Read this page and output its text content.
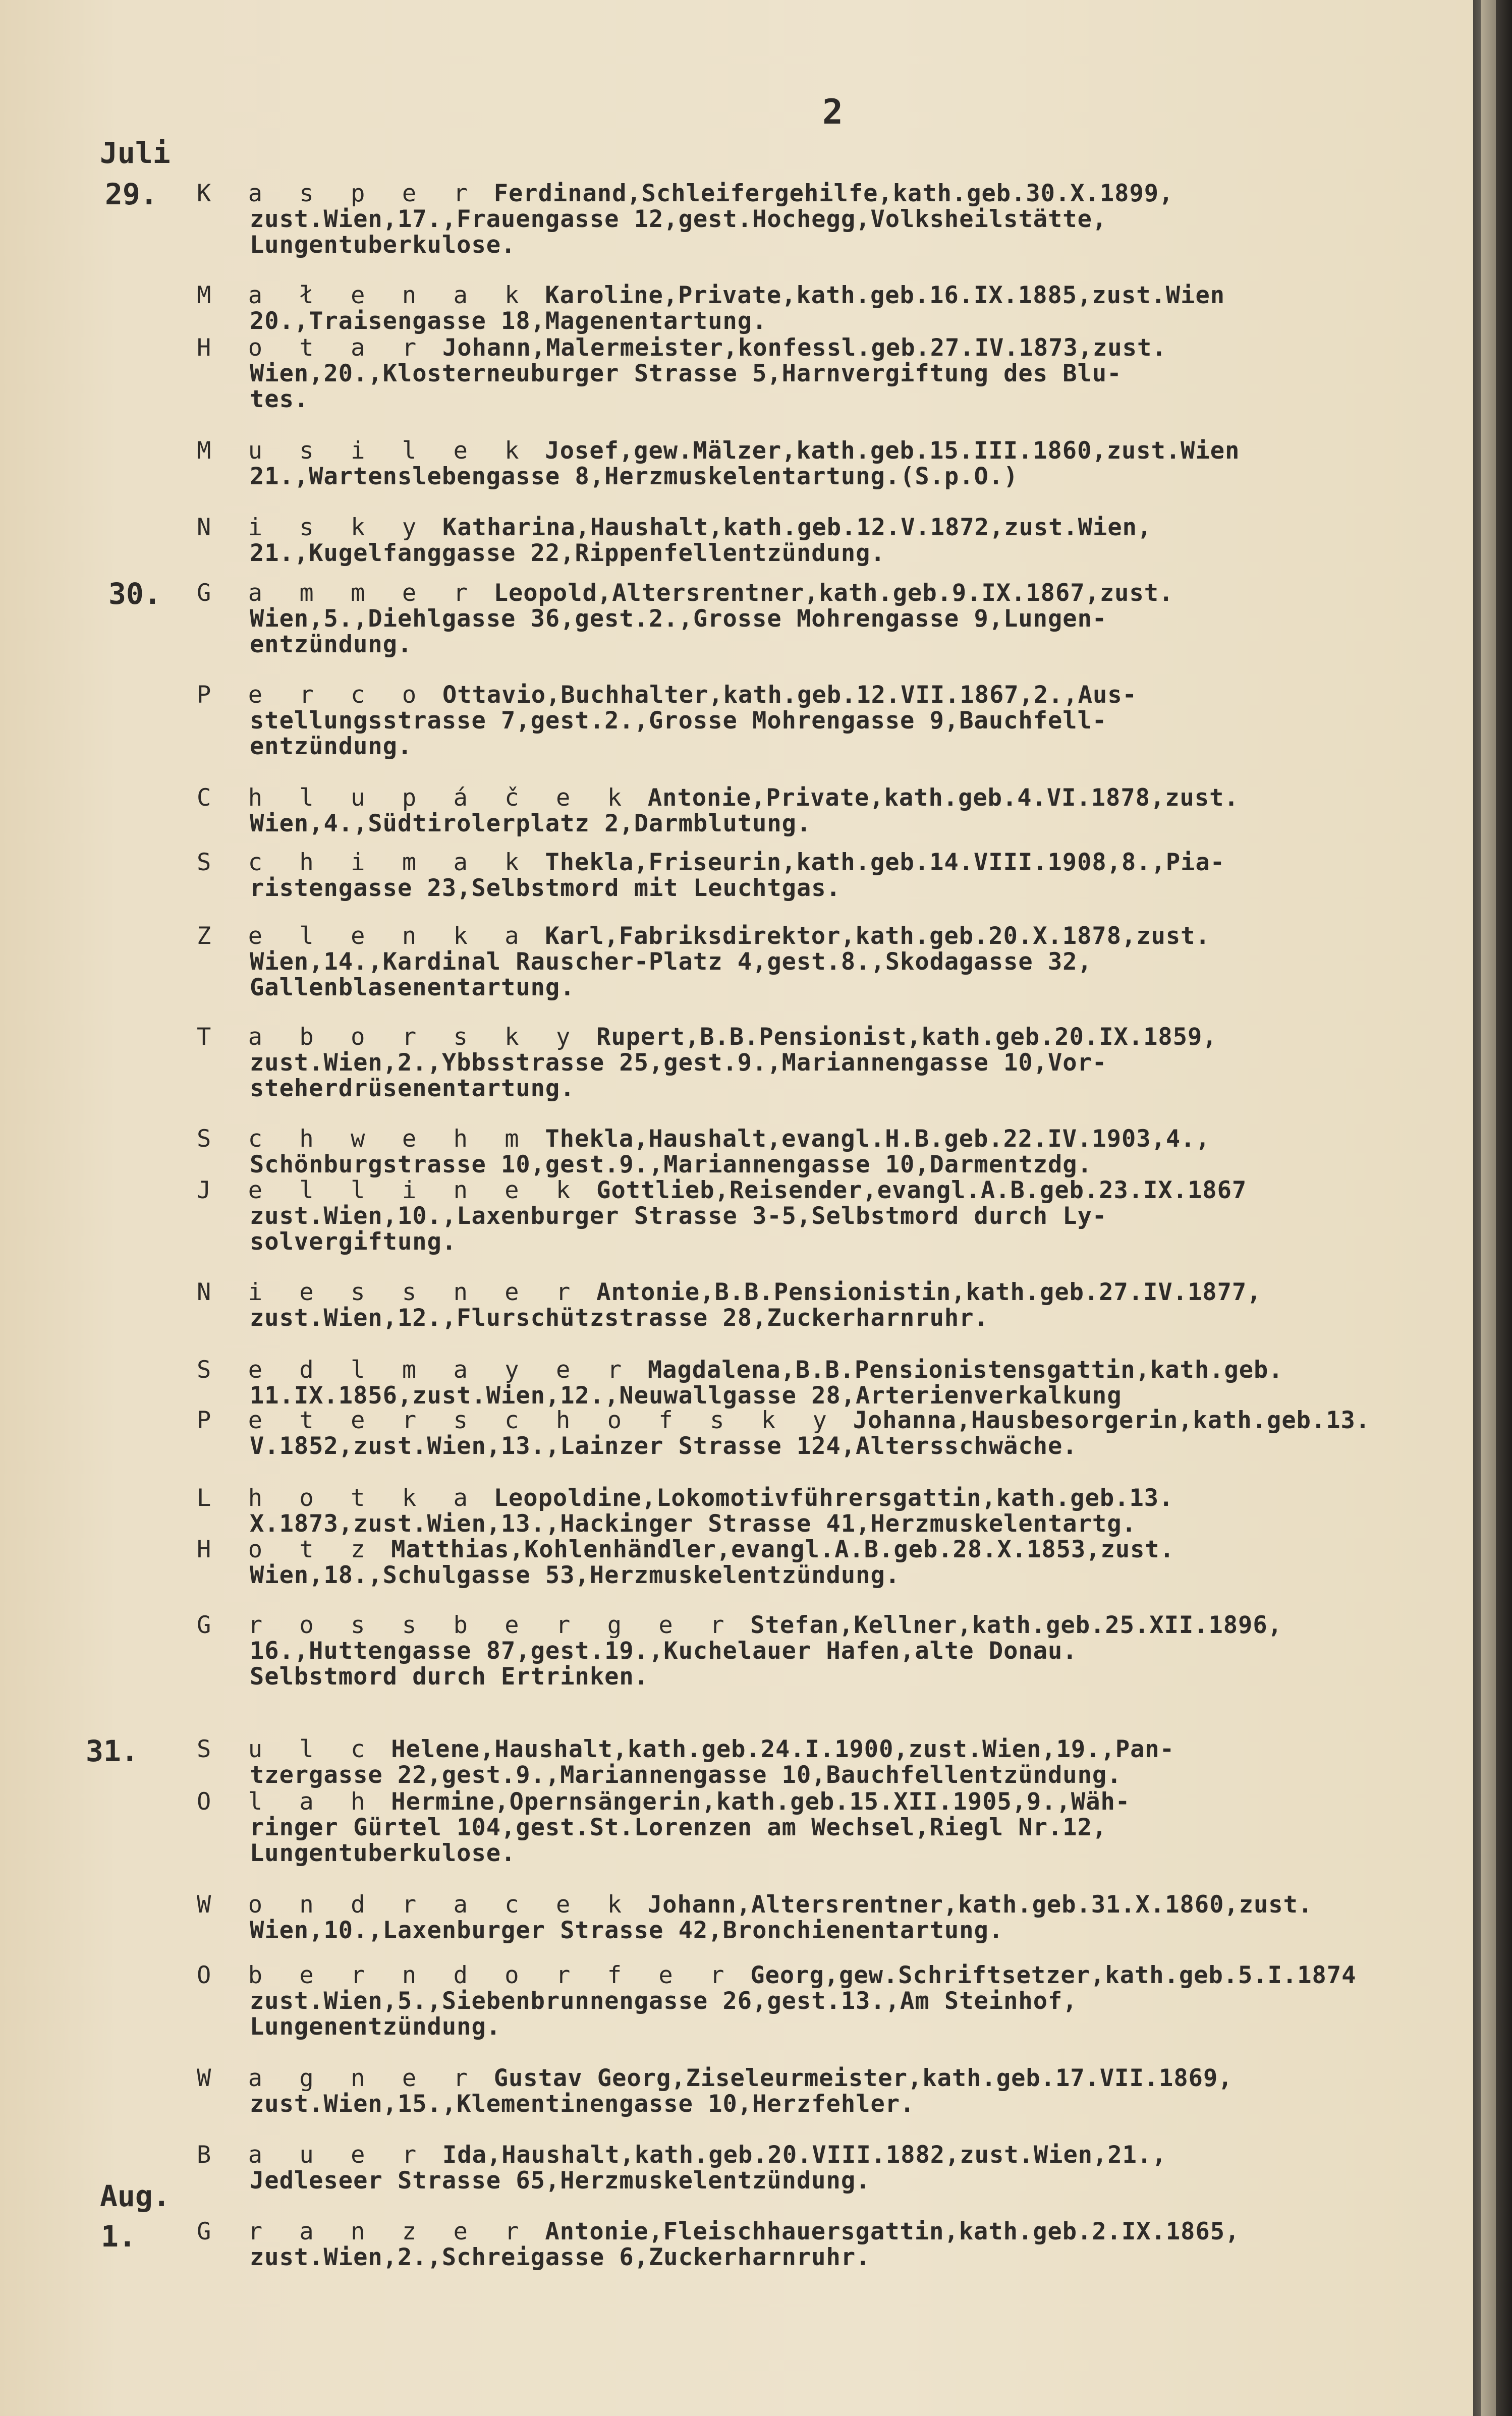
2
Juli
Aug.
29.
30.
31.
1.
K a s p e r Ferdinand,Schleifergehilfe,kath.geb.30.X.1899,
zust.Wien,17.,Frauengasse 12,gest.Hochegg,Volksheilstätte,
Lungentuberkulose.
M a ł e n a k Karoline,Private,kath.geb.16.IX.1885,zust.Wien
20.,Traisengasse 18,Magenentartung.
H o t a r Johann,Malermeister,konfessl.geb.27.IV.1873,zust.
Wien,20.,Klosterneuburger Strasse 5,Harnvergiftung des Blu-
tes.
M u s i l e k Josef,gew.Mälzer,kath.geb.15.III.1860,zust.Wien
21.,Wartenslebengasse 8,Herzmuskelentartung.(S.p.O.)
N i s k y Katharina,Haushalt,kath.geb.12.V.1872,zust.Wien,
21.,Kugelfanggasse 22,Rippenfellentzündung.
G a m m e r Leopold,Altersrentner,kath.geb.9.IX.1867,zust.
Wien,5.,Diehlgasse 36,gest.2.,Grosse Mohrengasse 9,Lungen-
entzündung.
P e r c o Ottavio,Buchhalter,kath.geb.12.VII.1867,2.,Aus-
stellungsstrasse 7,gest.2.,Grosse Mohrengasse 9,Bauchfell-
entzündung.
C h l u p á č e k Antonie,Private,kath.geb.4.VI.1878,zust.
Wien,4.,Südtirolerplatz 2,Darmblutung.
S c h i m a k Thekla,Friseurin,kath.geb.14.VIII.1908,8.,Pia-
ristengasse 23,Selbstmord mit Leuchtgas.
Z e l e n k a Karl,Fabriksdirektor,kath.geb.20.X.1878,zust.
Wien,14.,Kardinal Rauscher-Platz 4,gest.8.,Skodagasse 32,
Gallenblasenentartung.
T a b o r s k y Rupert,B.B.Pensionist,kath.geb.20.IX.1859,
zust.Wien,2.,Ybbsstrasse 25,gest.9.,Mariannengasse 10,Vor-
steherdrüsenentartung.
S c h w e h m Thekla,Haushalt,evangl.H.B.geb.22.IV.1903,4.,
Schönburgstrasse 10,gest.9.,Mariannengasse 10,Darmentzdg.
J e l l i n e k Gottlieb,Reisender,evangl.A.B.geb.23.IX.1867
zust.Wien,10.,Laxenburger Strasse 3-5,Selbstmord durch Ly-
solvergiftung.
N i e s s n e r Antonie,B.B.Pensionistin,kath.geb.27.IV.1877,
zust.Wien,12.,Flurschützstrasse 28,Zuckerharnruhr.
S e d l m a y e r Magdalena,B.B.Pensionistensgattin,kath.geb.
11.IX.1856,zust.Wien,12.,Neuwallgasse 28,Arterienverkalkung
P e t e r s c h o f s k y Johanna,Hausbesorgerin,kath.geb.13.
V.1852,zust.Wien,13.,Lainzer Strasse 124,Altersschwäche.
L h o t k a Leopoldine,Lokomotivführersgattin,kath.geb.13.
X.1873,zust.Wien,13.,Hackinger Strasse 41,Herzmuskelentartg.
H o t z Matthias,Kohlenhändler,evangl.A.B.geb.28.X.1853,zust.
Wien,18.,Schulgasse 53,Herzmuskelentzündung.
G r o s s b e r g e r Stefan,Kellner,kath.geb.25.XII.1896,
16.,Huttengasse 87,gest.19.,Kuchelauer Hafen,alte Donau.
Selbstmord durch Ertrinken.
S u l c Helene,Haushalt,kath.geb.24.I.1900,zust.Wien,19.,Pan-
tzergasse 22,gest.9.,Mariannengasse 10,Bauchfellentzündung.
O l a h Hermine,Opernsängerin,kath.geb.15.XII.1905,9.,Wäh-
ringer Gürtel 104,gest.St.Lorenzen am Wechsel,Riegl Nr.12,
Lungentuberkulose.
W o n d r a c e k Johann,Altersrentner,kath.geb.31.X.1860,zust.
Wien,10.,Laxenburger Strasse 42,Bronchienentartung.
O b e r n d o r f e r Georg,gew.Schriftsetzer,kath.geb.5.I.1874
zust.Wien,5.,Siebenbrunnengasse 26,gest.13.,Am Steinhof,
Lungenentzündung.
W a g n e r Gustav Georg,Ziseleurmeister,kath.geb.17.VII.1869,
zust.Wien,15.,Klementinengasse 10,Herzfehler.
B a u e r Ida,Haushalt,kath.geb.20.VIII.1882,zust.Wien,21.,
Jedleseer Strasse 65,Herzmuskelentzündung.
G r a n z e r Antonie,Fleischhauersgattin,kath.geb.2.IX.1865,
zust.Wien,2.,Schreigasse 6,Zuckerharnruhr.
